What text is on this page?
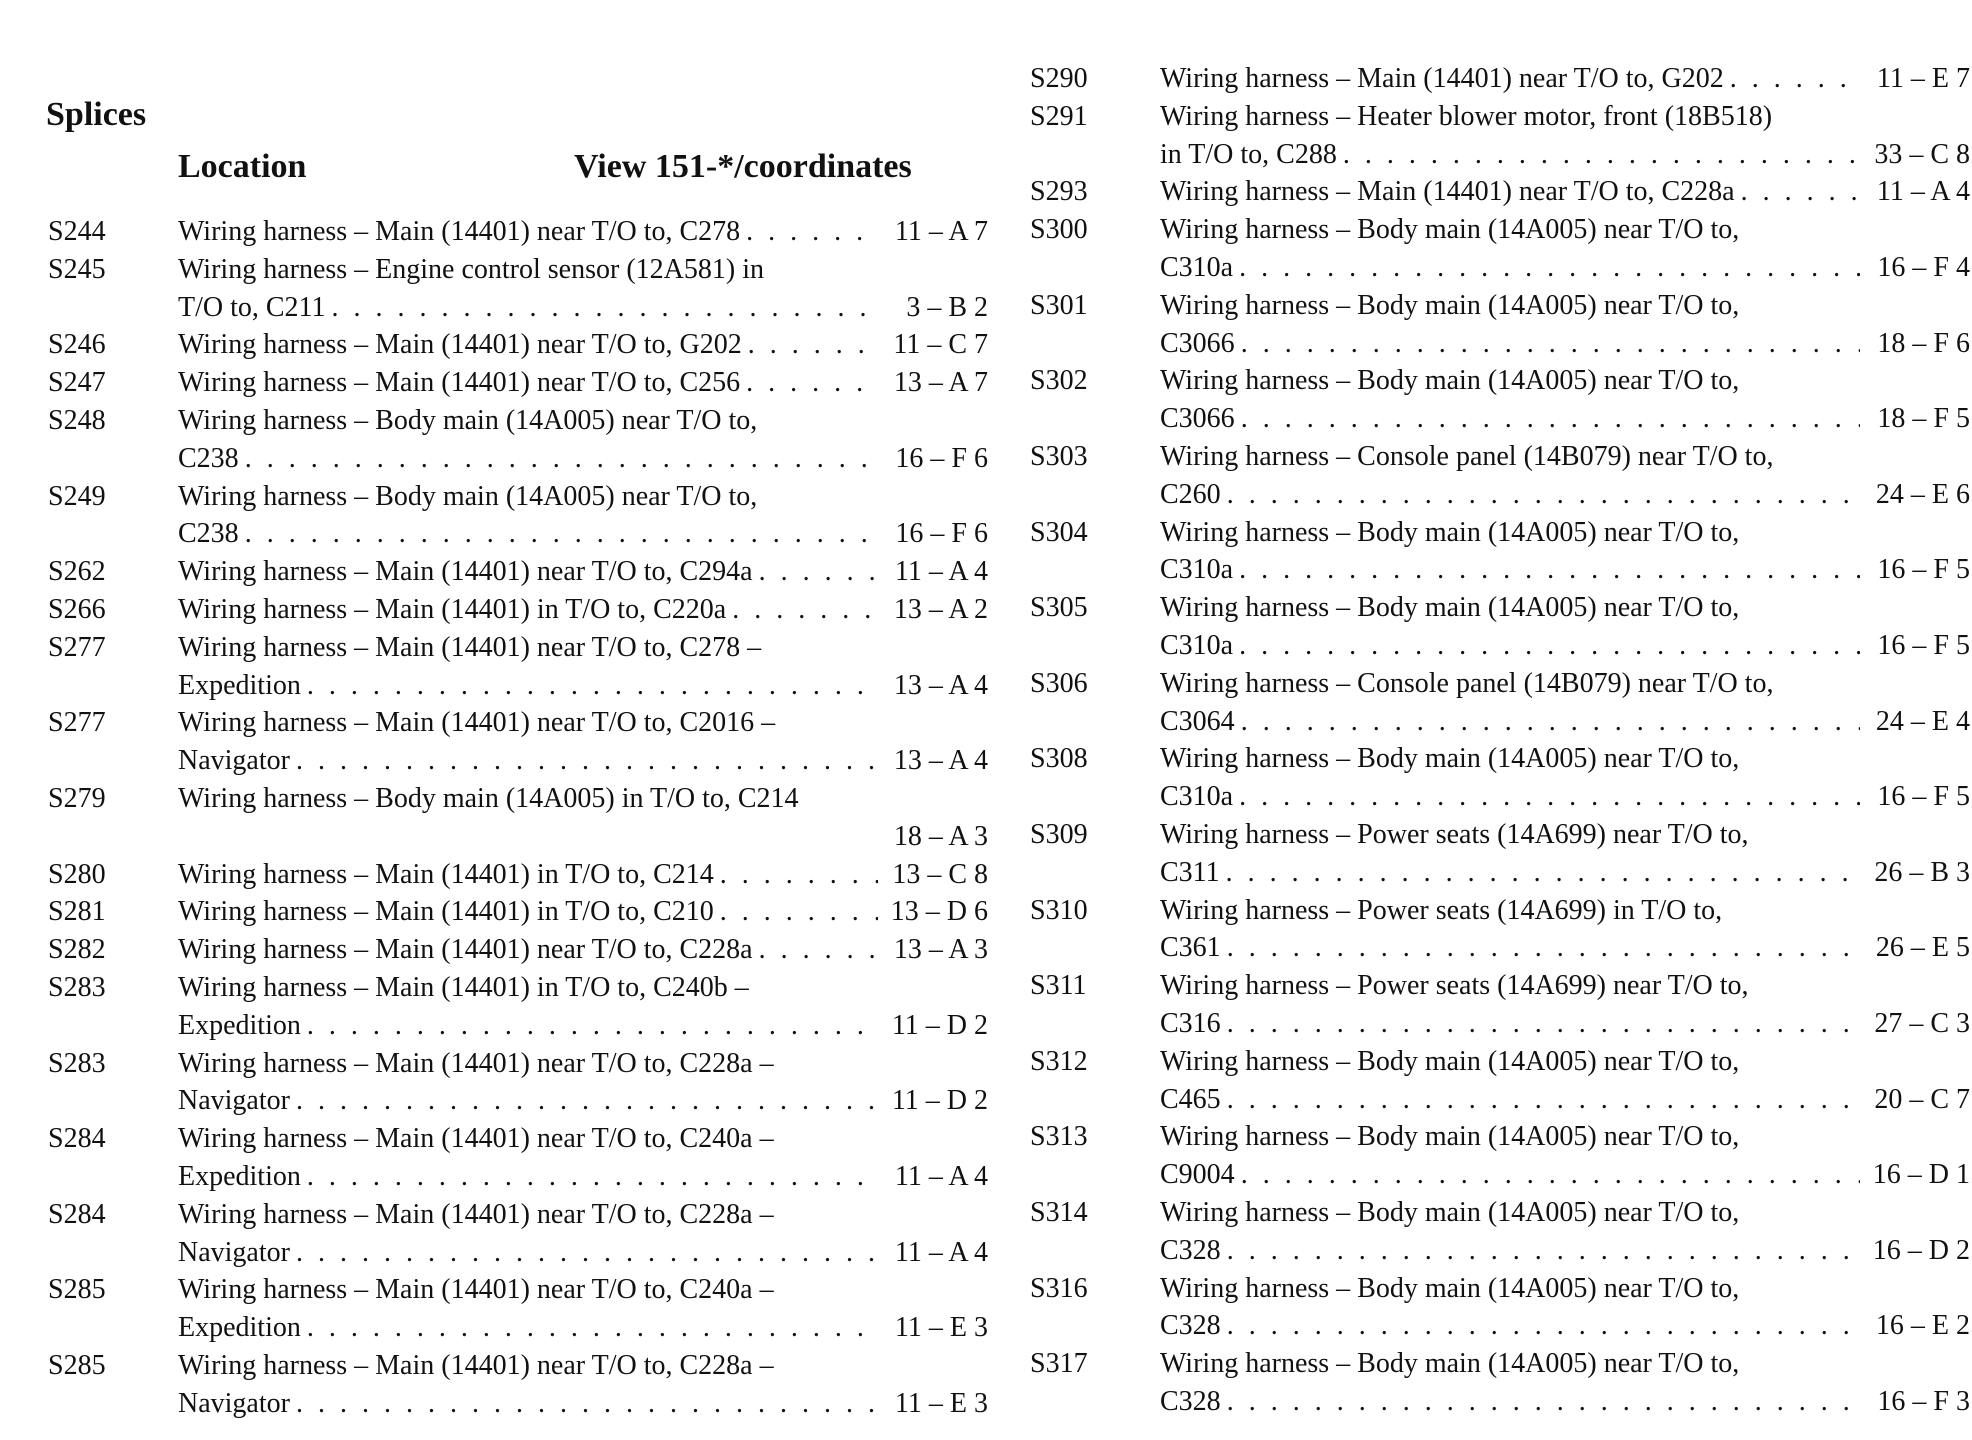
Splices
Location	View 151-*/coordinates
S244	Wiring harness – Main (14401) near T/O to, C278 . . .	11 – A 7
S245	Wiring harness – Engine control sensor (12A581) in
T/O to, C211 . . .	3 – B 2
S246	Wiring harness – Main (14401) near T/O to, G202 . . .	11 – C 7
S247	Wiring harness – Main (14401) near T/O to, C256 . . .	13 – A 7
S248	Wiring harness – Body main (14A005) near T/O to,
C238 . . .	16 – F 6
S249	Wiring harness – Body main (14A005) near T/O to,
C238 . . .	16 – F 6
S262	Wiring harness – Main (14401) near T/O to, C294a . . .	11 – A 4
S266	Wiring harness – Main (14401) in T/O to, C220a . . .	13 – A 2
S277	Wiring harness – Main (14401) near T/O to, C278 –
Expedition . . .	13 – A 4
S277	Wiring harness – Main (14401) near T/O to, C2016 –
Navigator . . .	13 – A 4
S279	Wiring harness – Body main (14A005) in T/O to, C214

18 – A 3
S280	Wiring harness – Main (14401) in T/O to, C214 . . .	13 – C 8
S281	Wiring harness – Main (14401) in T/O to, C210 . . .	13 – D 6
S282	Wiring harness – Main (14401) near T/O to, C228a . . .	13 – A 3
S283	Wiring harness – Main (14401) in T/O to, C240b –
Expedition . . .	11 – D 2
S283	Wiring harness – Main (14401) near T/O to, C228a –
Navigator . . .	11 – D 2
S284	Wiring harness – Main (14401) near T/O to, C240a –
Expedition . . .	11 – A 4
S284	Wiring harness – Main (14401) near T/O to, C228a –
Navigator . . .	11 – A 4
S285	Wiring harness – Main (14401) near T/O to, C240a –
Expedition . . .	11 – E 3
S285	Wiring harness – Main (14401) near T/O to, C228a –
Navigator . . .	11 – E 3
S290	Wiring harness – Main (14401) near T/O to, G202 . . .	11 – E 7
S291	Wiring harness – Heater blower motor, front (18B518)
in T/O to, C288 . . .	33 – C 8
S293	Wiring harness – Main (14401) near T/O to, C228a . . .	11 – A 4
S300	Wiring harness – Body main (14A005) near T/O to,
C310a . . .	16 – F 4
S301	Wiring harness – Body main (14A005) near T/O to,
C3066 . . .	18 – F 6
S302	Wiring harness – Body main (14A005) near T/O to,
C3066 . . .	18 – F 5
S303	Wiring harness – Console panel (14B079) near T/O to,
C260 . . .	24 – E 6
S304	Wiring harness – Body main (14A005) near T/O to,
C310a . . .	16 – F 5
S305	Wiring harness – Body main (14A005) near T/O to,
C310a . . .	16 – F 5
S306	Wiring harness – Console panel (14B079) near T/O to,
C3064 . . .	24 – E 4
S308	Wiring harness – Body main (14A005) near T/O to,
C310a . . .	16 – F 5
S309	Wiring harness – Power seats (14A699) near T/O to,
C311 . . .	26 – B 3
S310	Wiring harness – Power seats (14A699) in T/O to,
C361 . . .	26 – E 5
S311	Wiring harness – Power seats (14A699) near T/O to,
C316 . . .	27 – C 3
S312	Wiring harness – Body main (14A005) near T/O to,
C465 . . .	20 – C 7
S313	Wiring harness – Body main (14A005) near T/O to,
C9004 . . .	16 – D 1
S314	Wiring harness – Body main (14A005) near T/O to,
C328 . . .	16 – D 2
S316	Wiring harness – Body main (14A005) near T/O to,
C328 . . .	16 – E 2
S317	Wiring harness – Body main (14A005) near T/O to,
C328 . . .	16 – F 3
